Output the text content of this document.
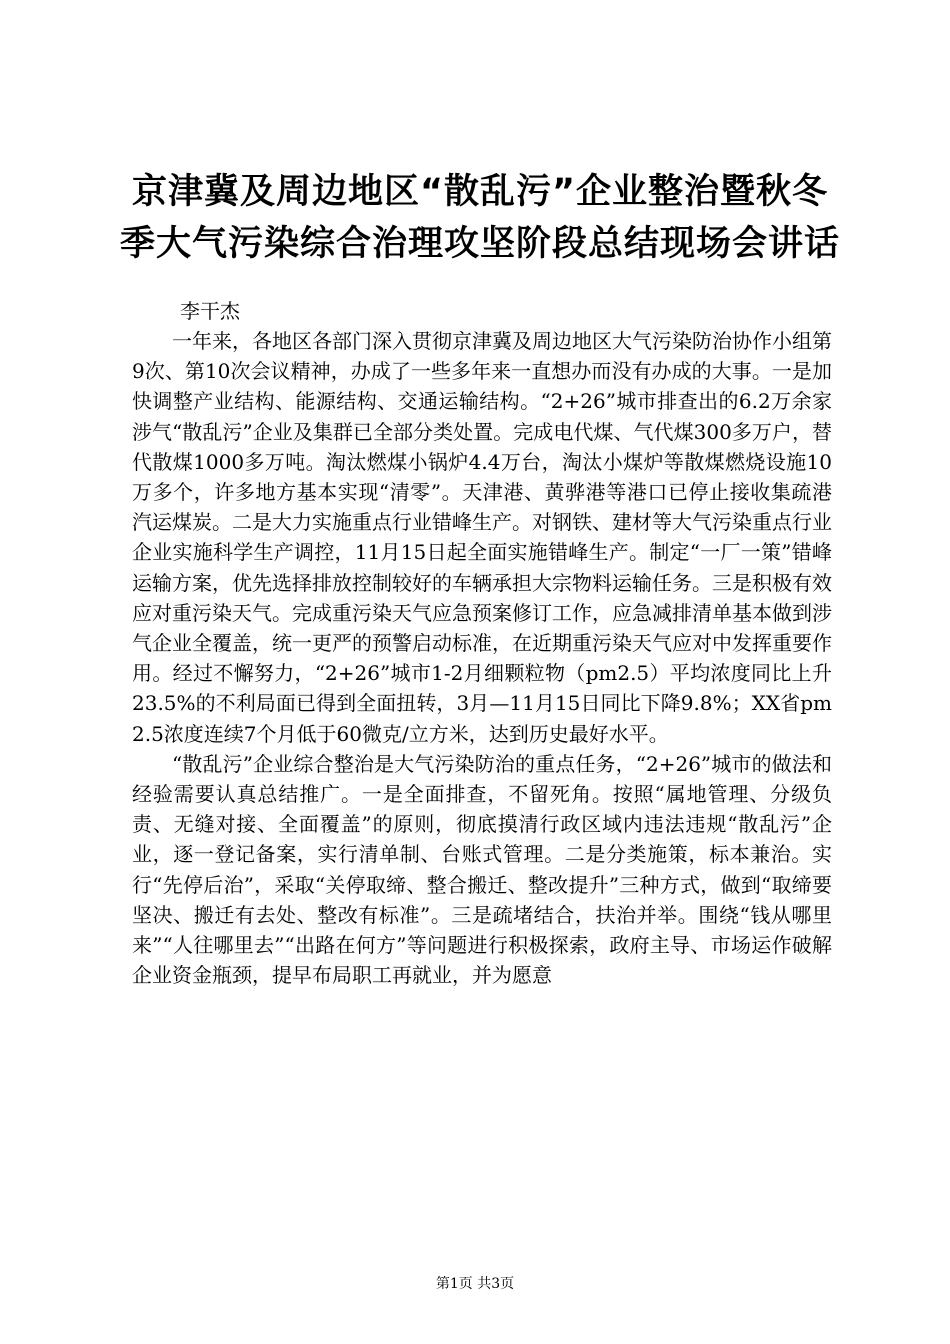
京津冀及周边地区“散乱污”企业整治暨秋冬
季大气污染综合治理攻坚阶段总结现场会讲话

李干杰

一年来，各地区各部门深入贯彻京津冀及周边地区大气污染防治协作小组第9次、第10次会议精神，办成了一些多年来一直想办而没有办成的大事。一是加快调整产业结构、能源结构、交通运输结构。“2+26”城市排查出的6.2万余家涉气“散乱污”企业及集群已全部分类处置。完成电代煤、气代煤300多万户，替代散煤1000多万吨。淘汰燃煤小锅炉4.4万台，淘汰小煤炉等散煤燃烧设施10万多个，许多地方基本实现“清零”。天津港、黄骅港等港口已停止接收集疏港汽运煤炭。二是大力实施重点行业错峰生产。对钢铁、建材等大气污染重点行业企业实施科学生产调控，11月15日起全面实施错峰生产。制定“一厂一策”错峰运输方案，优先选择排放控制较好的车辆承担大宗物料运输任务。三是积极有效应对重污染天气。完成重污染天气应急预案修订工作，应急减排清单基本做到涉气企业全覆盖，统一更严的预警启动标准，在近期重污染天气应对中发挥重要作用。经过不懈努力，“2+26”城市1-2月细颗粒物（pm2.5）平均浓度同比上升23.5%的不利局面已得到全面扭转，3月—11月15日同比下降9.8%；XX省pm2.5浓度连续7个月低于60微克/立方米，达到历史最好水平。

“散乱污”企业综合整治是大气污染防治的重点任务，“2+26”城市的做法和经验需要认真总结推广。一是全面排查，不留死角。按照“属地管理、分级负责、无缝对接、全面覆盖”的原则，彻底摸清行政区域内违法违规“散乱污”企业，逐一登记备案，实行清单制、台账式管理。二是分类施策，标本兼治。实行“先停后治”，采取“关停取缔、整合搬迁、整改提升”三种方式，做到“取缔要坚决、搬迁有去处、整改有标准”。三是疏堵结合，扶治并举。围绕“钱从哪里来”“人往哪里去”“出路在何方”等问题进行积极探索，政府主导、市场运作破解企业资金瓶颈，提早布局职工再就业，并为愿意

第1页 共3页
